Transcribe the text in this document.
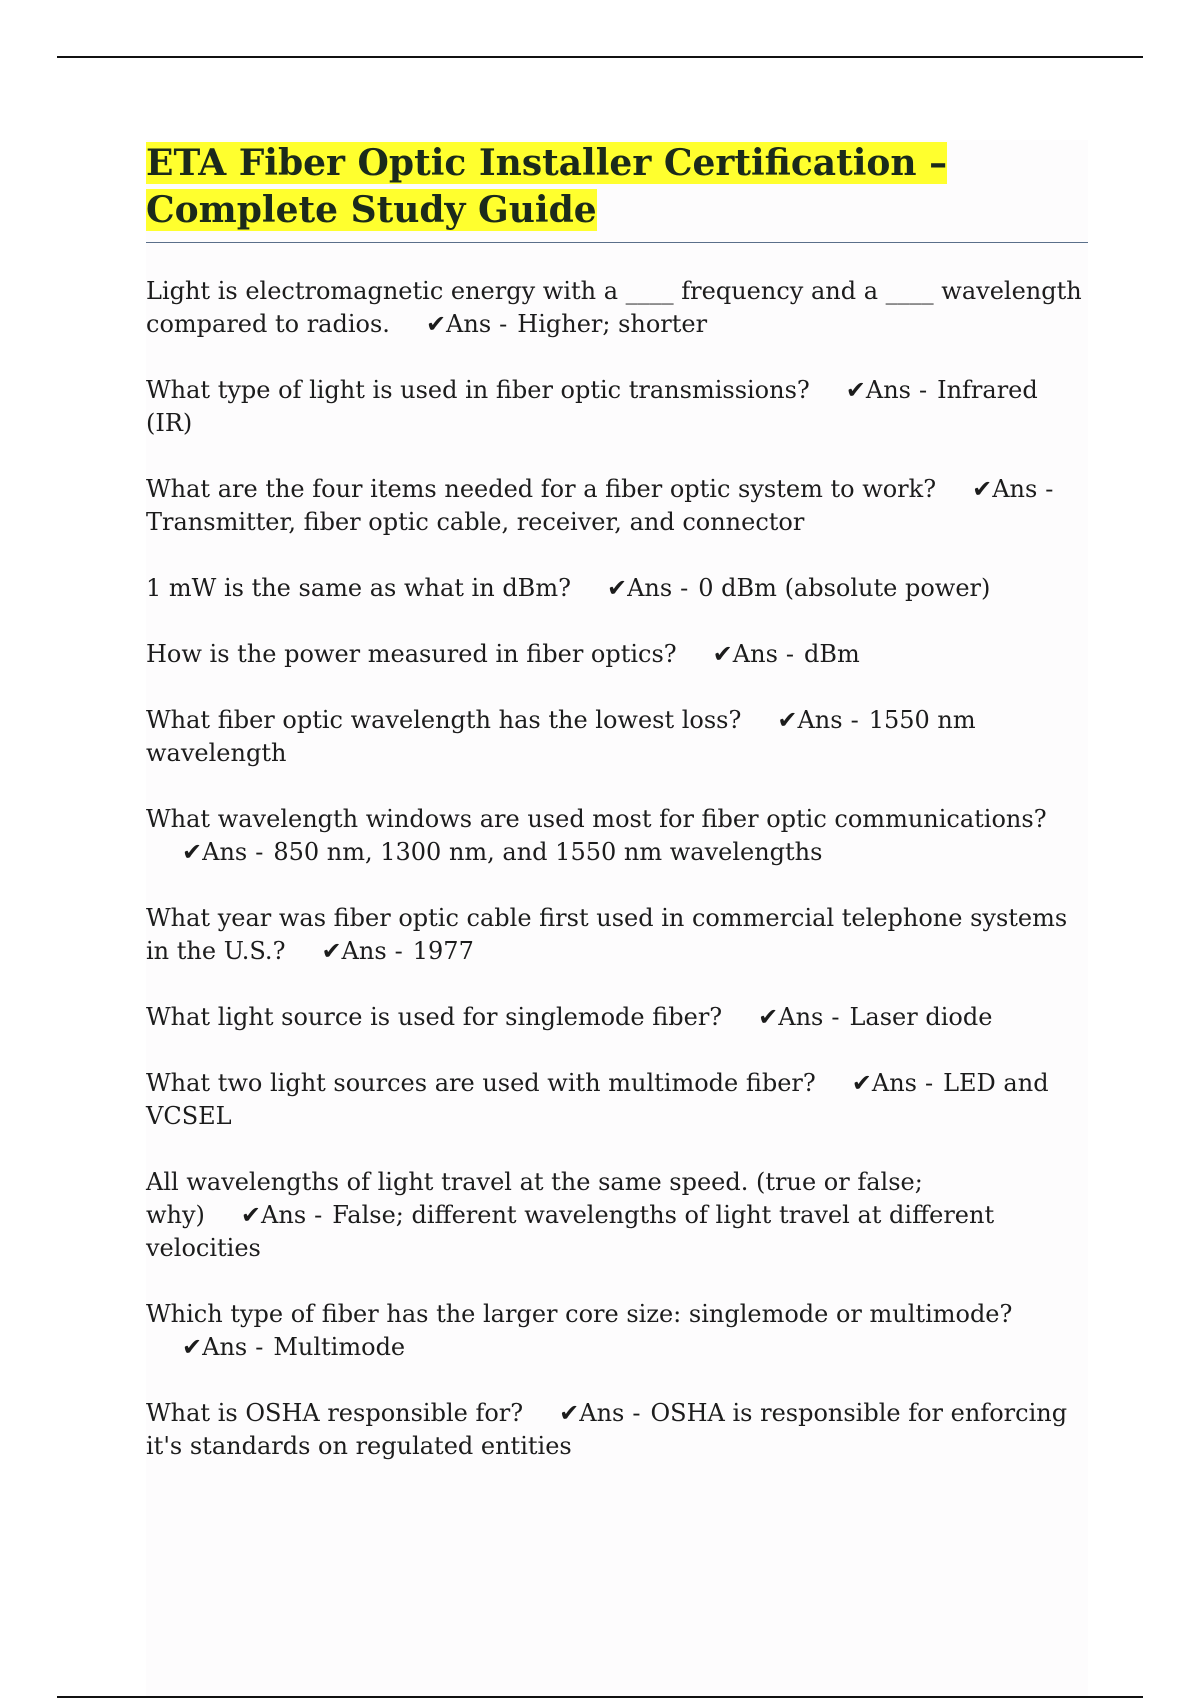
ETA Fiber Optic Installer Certification – Complete Study Guide

Light is electromagnetic energy with a ____ frequency and a ____ wavelength compared to radios. ✔Ans - Higher; shorter

What type of light is used in fiber optic transmissions? ✔Ans - Infrared (IR)

What are the four items needed for a fiber optic system to work? ✔Ans -Transmitter, fiber optic cable, receiver, and connector

1 mW is the same as what in dBm? ✔Ans - 0 dBm (absolute power)

How is the power measured in fiber optics? ✔Ans - dBm

What fiber optic wavelength has the lowest loss? ✔Ans - 1550 nm wavelength

What wavelength windows are used most for fiber optic communications?✔Ans - 850 nm, 1300 nm, and 1550 nm wavelengths

What year was fiber optic cable first used in commercial telephone systems in the U.S.? ✔Ans - 1977

What light source is used for singlemode fiber? ✔Ans - Laser diode

What two light sources are used with multimode fiber? ✔Ans - LED and VCSEL

All wavelengths of light travel at the same speed. (true or false; why) ✔Ans - False; different wavelengths of light travel at different velocities

Which type of fiber has the larger core size: singlemode or multimode?✔Ans - Multimode

What is OSHA responsible for? ✔Ans - OSHA is responsible for enforcing it's standards on regulated entities
